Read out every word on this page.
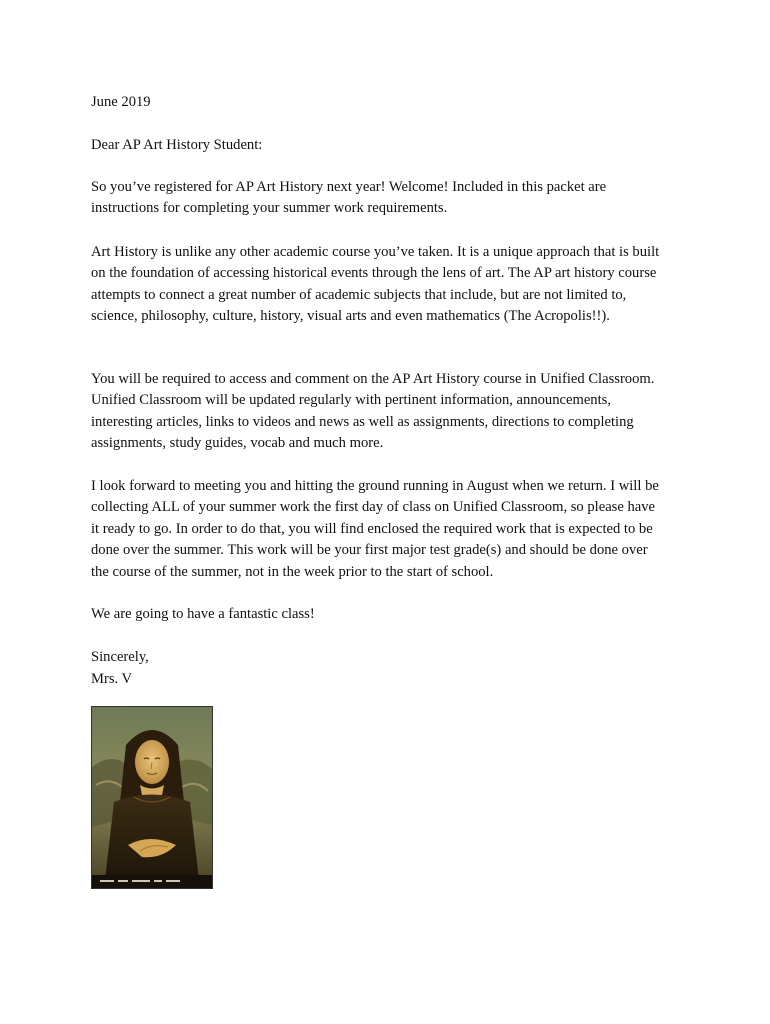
June 2019

Dear AP Art History Student:

So you’ve registered for AP Art History next year! Welcome! Included in this packet are instructions for completing your summer work requirements.

Art History is unlike any other academic course you’ve taken. It is a unique approach that is built on the foundation of accessing historical events through the lens of art. The AP art history course attempts to connect a great number of academic subjects that include, but are not limited to, science, philosophy, culture, history, visual arts and even mathematics (The Acropolis!!).

You will be required to access and comment on the AP Art History course in Unified Classroom. Unified Classroom will be updated regularly with pertinent information, announcements, interesting articles, links to videos and news as well as assignments, directions to completing assignments, study guides, vocab and much more.

I look forward to meeting you and hitting the ground running in August when we return. I will be collecting ALL of your summer work the first day of class on Unified Classroom, so please have it ready to go. In order to do that, you will find enclosed the required work that is expected to be done over the summer. This work will be your first major test grade(s) and should be done over the course of the summer, not in the week prior to the start of school.

We are going to have a fantastic class!

Sincerely,

Mrs. V
